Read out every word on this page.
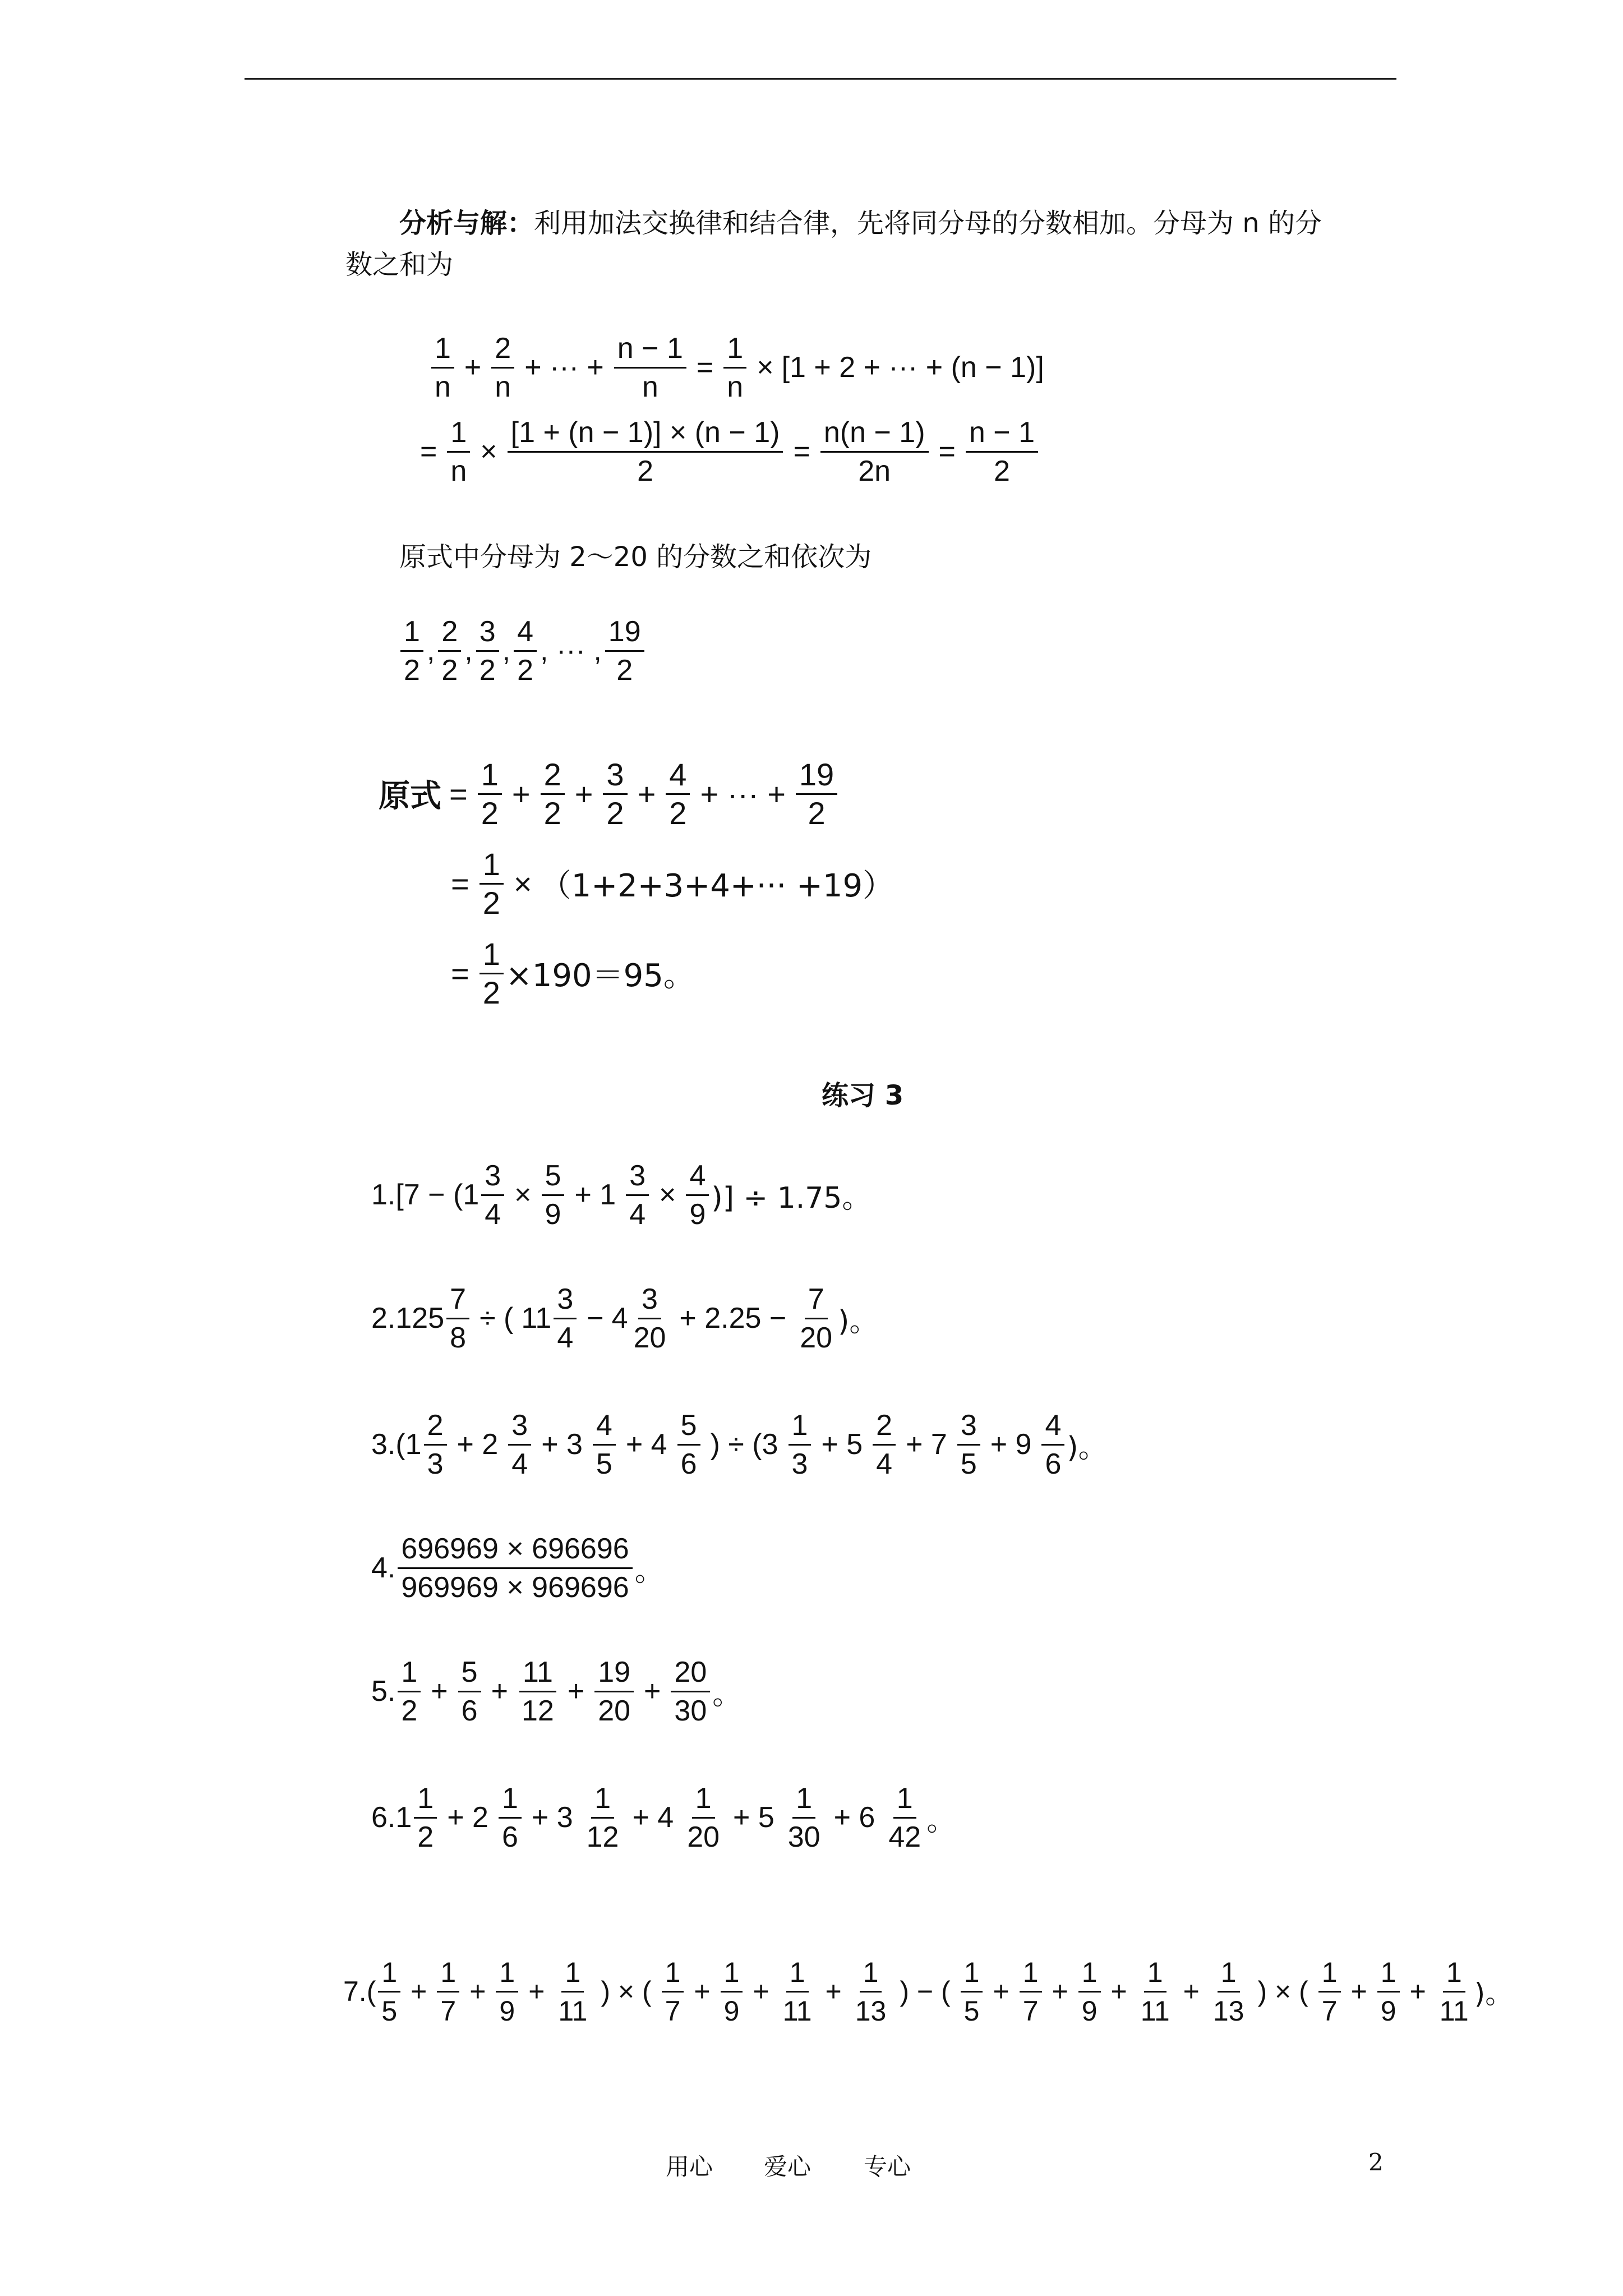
分析与解：利用加法交换律和结合律，先将同分母的分数相加。分母为 n 的分
数之和为
1
n
+ $\frac{2}{n}$ + ··· + $\frac{n - 1}{n} = \frac{1}{n} \times [1 + 2$ + ··· + (n − 1)]
= $\frac{1}{n} \times \frac{[1 + (n - 1)] \times (n - 1)}{2} = \frac{n(n - 1)}{2n} = \frac{n - 1}{2}$
原式中分母为 2～20 的分数之和依次为
1
2
,
2
2
,
3
2
,
4
2
, ··· ,
19
2
原式 = $\frac{1}{2} + \frac{2}{2} + \frac{3}{2} + \frac{4}{2}$ + ··· + $\frac{19}{2}$
= $\frac{1}{2} \times (1+2+3+4+\cdot\cdot\cdot +19)$
= $\frac{1}{2} \times 190=95$。
练习 3
$1.[7 - (1 \frac{3}{4} \times \frac{5}{9} + 1 \frac{3}{4} \times \frac{4}{9}$ )] ÷ 1.75。
$2.125 \frac{7}{8}$ ÷ ( 11
3
4
− 4
3
20
+ $2.25 - \frac{7}{20}$ )。
3.(1
2
3
+ 2
3
4
+ 3
4
5
+ 4
5
6
) ÷ (3
1
3
+ 5
2
4
+ 7
3
5
+ 9
4
6 )。
4.
696969 × 696696
969969 × 969696 。
5.
1
2
+ $\frac{5}{6} + \frac{11}{12} + \frac{19}{20} + \frac{20}{30}$ 。
6.1
1
2
+ 2
1
6
+ 3
1
12
+ 4
1
20
+ 5
1
30
+ 6
1
42 。
7.(
1
5
+ $\frac{1}{7} + \frac{1}{9} + \frac{1}{11}$ ) × (
1
7
+ $\frac{1}{9} + \frac{1}{11} + \frac{1}{13}$ ) − (
1
5
+ $\frac{1}{7} + \frac{1}{9} + \frac{1}{11} + \frac{1}{13}$ ) × (
1
7
+ $\frac{1}{9} + \frac{1}{11}$ )。
用心 爱心 专心	2
